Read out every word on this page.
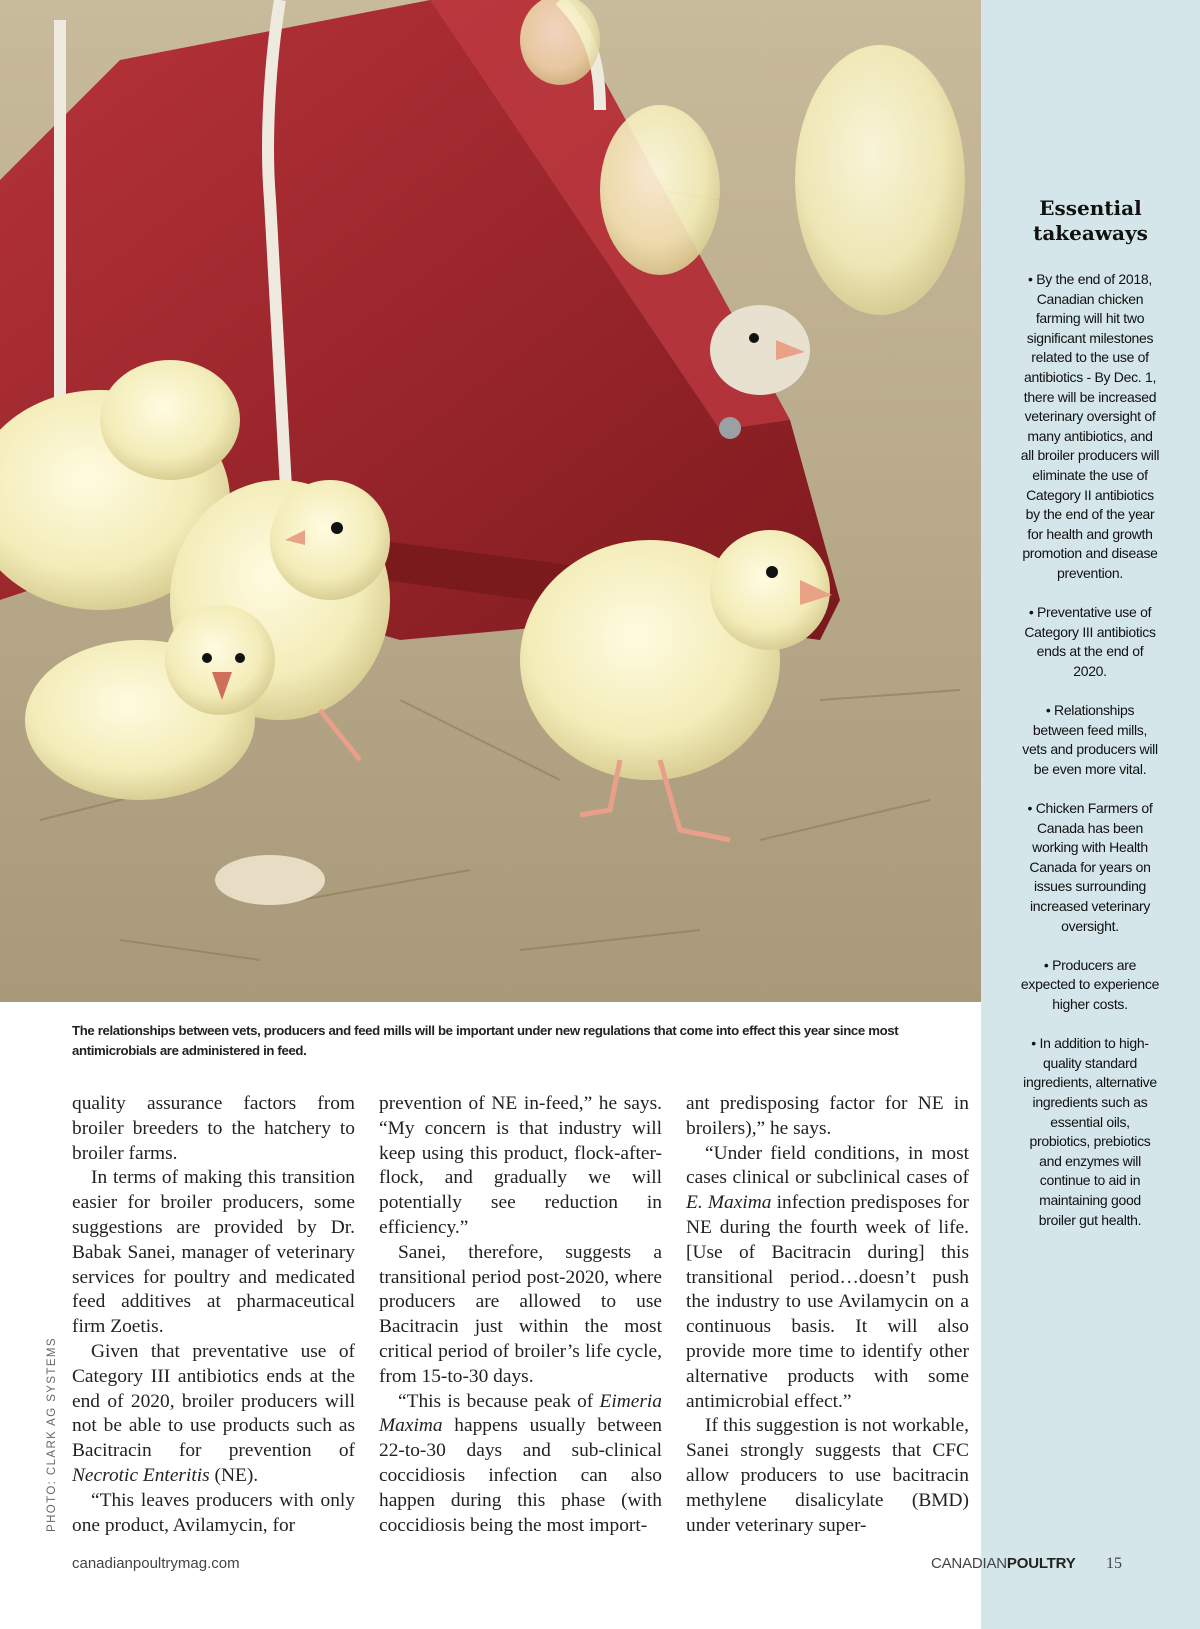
Essential
takeaways
• By the end of 2018, Canadian chicken farming will hit two significant milestones related to the use of antibiotics - By Dec. 1, there will be increased veterinary oversight of many antibiotics, and all broiler producers will eliminate the use of Category II antibiotics by the end of the year for health and growth promotion and disease prevention.
• Preventative use of Category III antibiotics ends at the end of 2020.
• Relationships between feed mills, vets and producers will be even more vital.
• Chicken Farmers of Canada has been working with Health Canada for years on issues surrounding increased veterinary oversight.
• Producers are expected to experience higher costs.
• In addition to high-quality standard ingredients, alternative ingredients such as essential oils, probiotics, prebiotics and enzymes will continue to aid in maintaining good broiler gut health.

The relationships between vets, producers and feed mills will be important under new regulations that come into effect this year since most antimicrobials are administered in feed.

PHOTO: CLARK AG SYSTEMS

quality assurance factors from broiler breeders to the hatchery to broiler farms.

In terms of making this transition easier for broiler producers, some suggestions are provided by Dr. Babak Sanei, manager of veterinary services for poultry and medicated feed additives at pharmaceutical firm Zoetis.

Given that preventative use of Category III antibiotics ends at the end of 2020, broiler producers will not be able to use products such as Bacitracin for prevention of Necrotic Enteritis (NE).

“This leaves producers with only one product, Avilamycin, for

prevention of NE in-feed,” he says. “My concern is that industry will keep using this product, flock-after-flock, and gradually we will potentially see reduction in efficiency.”

Sanei, therefore, suggests a transitional period post-2020, where producers are allowed to use Bacitracin just within the most critical period of broiler’s life cycle, from 15-to-30 days.

“This is because peak of Eimeria Maxima happens usually between 22-to-30 days and sub-clinical coccidiosis infection can also happen during this phase (with coccidiosis being the most import-

ant predisposing factor for NE in broilers),” he says.

“Under field conditions, in most cases clinical or subclinical cases of E. Maxima infection predisposes for NE during the fourth week of life. [Use of Bacitracin during] this transitional period…doesn’t push the industry to use Avilamycin on a continuous basis. It will also provide more time to identify other alternative products with some antimicrobial effect.”

If this suggestion is not workable, Sanei strongly suggests that CFC allow producers to use bacitracin methylene disalicylate (BMD) under veterinary super-

canadianpoultrymag.com	CANADIANPOULTRY 15
